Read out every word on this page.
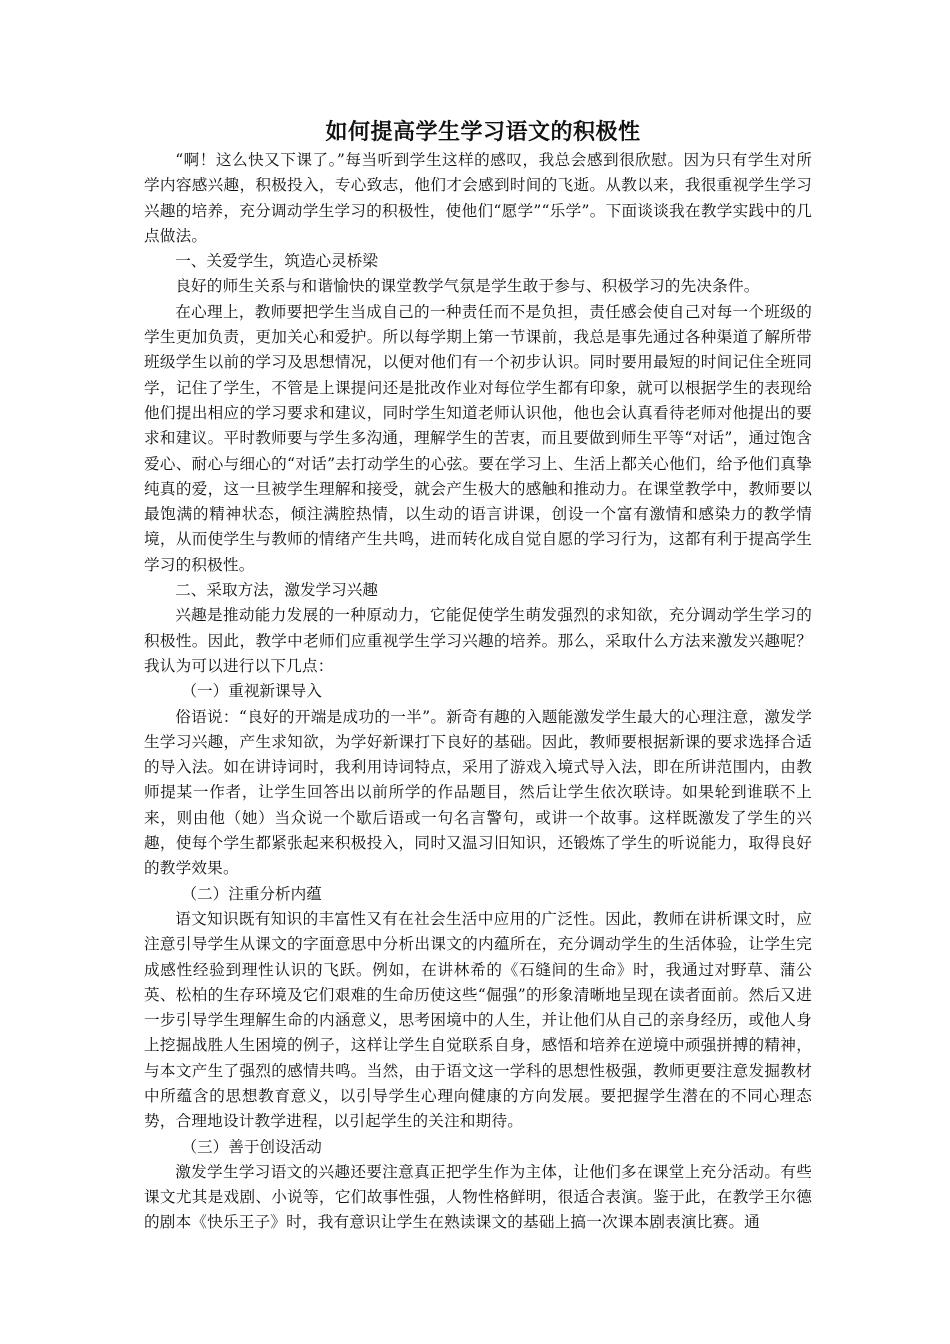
如何提高学生学习语文的积极性

“啊！这么快又下课了。”每当听到学生这样的感叹，我总会感到很欣慰。因为只有学生对所学内容感兴趣，积极投入，专心致志，他们才会感到时间的飞逝。从教以来，我很重视学生学习兴趣的培养，充分调动学生学习的积极性，使他们“愿学”“乐学”。下面谈谈我在教学实践中的几点做法。

一、关爱学生，筑造心灵桥梁

良好的师生关系与和谐愉快的课堂教学气氛是学生敢于参与、积极学习的先决条件。

在心理上，教师要把学生当成自己的一种责任而不是负担，责任感会使自己对每一个班级的学生更加负责，更加关心和爱护。所以每学期上第一节课前，我总是事先通过各种渠道了解所带班级学生以前的学习及思想情况，以便对他们有一个初步认识。同时要用最短的时间记住全班同学，记住了学生，不管是上课提问还是批改作业对每位学生都有印象，就可以根据学生的表现给他们提出相应的学习要求和建议，同时学生知道老师认识他，他也会认真看待老师对他提出的要求和建议。平时教师要与学生多沟通，理解学生的苦衷，而且要做到师生平等“对话”，通过饱含爱心、耐心与细心的“对话”去打动学生的心弦。要在学习上、生活上都关心他们，给予他们真挚纯真的爱，这一旦被学生理解和接受，就会产生极大的感触和推动力。在课堂教学中，教师要以最饱满的精神状态，倾注满腔热情，以生动的语言讲课，创设一个富有激情和感染力的教学情境，从而使学生与教师的情绪产生共鸣，进而转化成自觉自愿的学习行为，这都有利于提高学生学习的积极性。

二、采取方法，激发学习兴趣

兴趣是推动能力发展的一种原动力，它能促使学生萌发强烈的求知欲，充分调动学生学习的积极性。因此，教学中老师们应重视学生学习兴趣的培养。那么，采取什么方法来激发兴趣呢？我认为可以进行以下几点：

（一）重视新课导入

俗语说：“良好的开端是成功的一半”。新奇有趣的入题能激发学生最大的心理注意，激发学生学习兴趣，产生求知欲，为学好新课打下良好的基础。因此，教师要根据新课的要求选择合适的导入法。如在讲诗词时，我利用诗词特点，采用了游戏入境式导入法，即在所讲范围内，由教师提某一作者，让学生回答出以前所学的作品题目，然后让学生依次联诗。如果轮到谁联不上来，则由他（她）当众说一个歇后语或一句名言警句，或讲一个故事。这样既激发了学生的兴趣，使每个学生都紧张起来积极投入，同时又温习旧知识，还锻炼了学生的听说能力，取得良好的教学效果。

（二）注重分析内蕴

语文知识既有知识的丰富性又有在社会生活中应用的广泛性。因此，教师在讲析课文时，应注意引导学生从课文的字面意思中分析出课文的内蕴所在，充分调动学生的生活体验，让学生完成感性经验到理性认识的飞跃。例如，在讲林希的《石缝间的生命》时，我通过对野草、蒲公英、松柏的生存环境及它们艰难的生命历使这些“倔强”的形象清晰地呈现在读者面前。然后又进一步引导学生理解生命的内涵意义，思考困境中的人生，并让他们从自己的亲身经历，或他人身上挖掘战胜人生困境的例子，这样让学生自觉联系自身，感悟和培养在逆境中顽强拼搏的精神，与本文产生了强烈的感情共鸣。当然，由于语文这一学科的思想性极强，教师更要注意发掘教材中所蕴含的思想教育意义，以引导学生心理向健康的方向发展。要把握学生潜在的不同心理态势，合理地设计教学进程，以引起学生的关注和期待。

（三）善于创设活动

激发学生学习语文的兴趣还要注意真正把学生作为主体，让他们多在课堂上充分活动。有些课文尤其是戏剧、小说等，它们故事性强，人物性格鲜明，很适合表演。鉴于此，在教学王尔德的剧本《快乐王子》时，我有意识让学生在熟读课文的基础上搞一次课本剧表演比赛。通
